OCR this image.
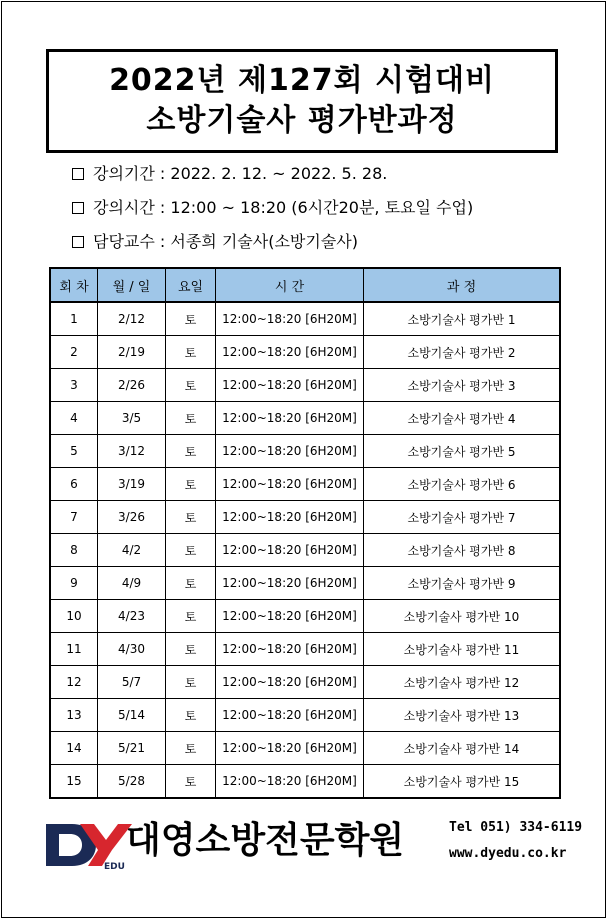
2022년 제127회 시험대비
소방기술사 평가반과정
강의기간 : 2022. 2. 12. ~ 2022. 5. 28.
강의시간 : 12:00 ~ 18:20 (6시간20분, 토요일 수업)
담당교수 : 서종희 기술사(소방기술사)
회 차	월 / 일	요일	시 간	과 정
1	2/12	토	12:00~18:20 [6H20M]	소방기술사 평가반 1
2	2/19	토	12:00~18:20 [6H20M]	소방기술사 평가반 2
3	2/26	토	12:00~18:20 [6H20M]	소방기술사 평가반 3
4	3/5	토	12:00~18:20 [6H20M]	소방기술사 평가반 4
5	3/12	토	12:00~18:20 [6H20M]	소방기술사 평가반 5
6	3/19	토	12:00~18:20 [6H20M]	소방기술사 평가반 6
7	3/26	토	12:00~18:20 [6H20M]	소방기술사 평가반 7
8	4/2	토	12:00~18:20 [6H20M]	소방기술사 평가반 8
9	4/9	토	12:00~18:20 [6H20M]	소방기술사 평가반 9
10	4/23	토	12:00~18:20 [6H20M]	소방기술사 평가반 10
11	4/30	토	12:00~18:20 [6H20M]	소방기술사 평가반 11
12	5/7	토	12:00~18:20 [6H20M]	소방기술사 평가반 12
13	5/14	토	12:00~18:20 [6H20M]	소방기술사 평가반 13
14	5/21	토	12:00~18:20 [6H20M]	소방기술사 평가반 14
15	5/28	토	12:00~18:20 [6H20M]	소방기술사 평가반 15
EDU
대영소방전문학원	Tel 051) 334-6119
www.dyedu.co.kr
